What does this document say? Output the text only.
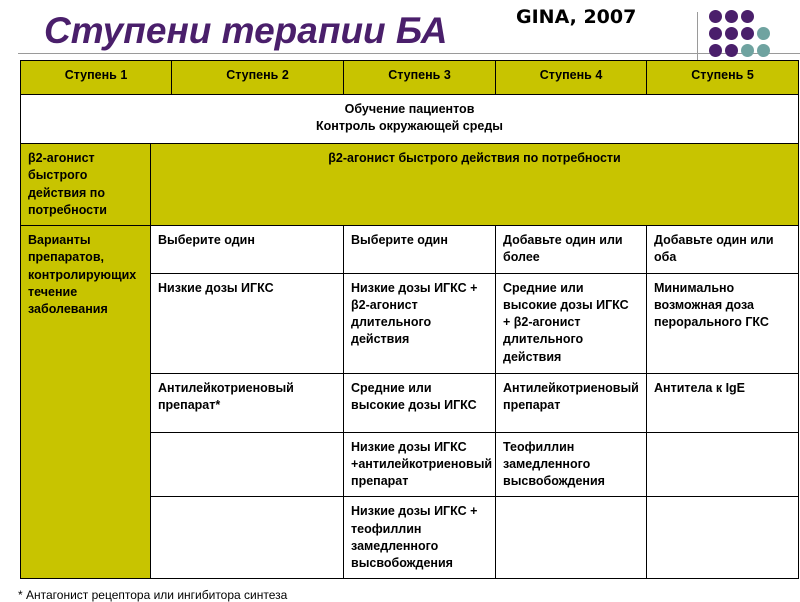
Ступени терапии БА	GINA, 2007
Ступень 1		Ступень 2	Ступень 3	Ступень 4	Ступень 5

Обучение пациентов
Контроль окружающей среды					

β2-агонист быстрого действия по потребности	β2-агонист быстрого действия по потребности				
Варианты препаратов, контролирующих течение заболевания	Выберите один		Выберите один	Добавьте один или более	Добавьте один или оба
	Низкие дозы ИГКС		Низкие дозы ИГКС + β2-агонист длительного действия	Средние или высокие дозы ИГКС + β2-агонист длительного действия	Минимально возможная доза перорального ГКС
	Антилейкотриеновый препарат*		Средние или высокие дозы ИГКС	Антилейкотриеновый препарат	Антитела к IgE
			Низкие дозы ИГКС +антилейкотриеновый препарат	Теофиллин замедленного высвобождения	
			Низкие дозы ИГКС + теофиллин замедленного высвобождения		
* Антагонист рецептора или ингибитора синтеза
